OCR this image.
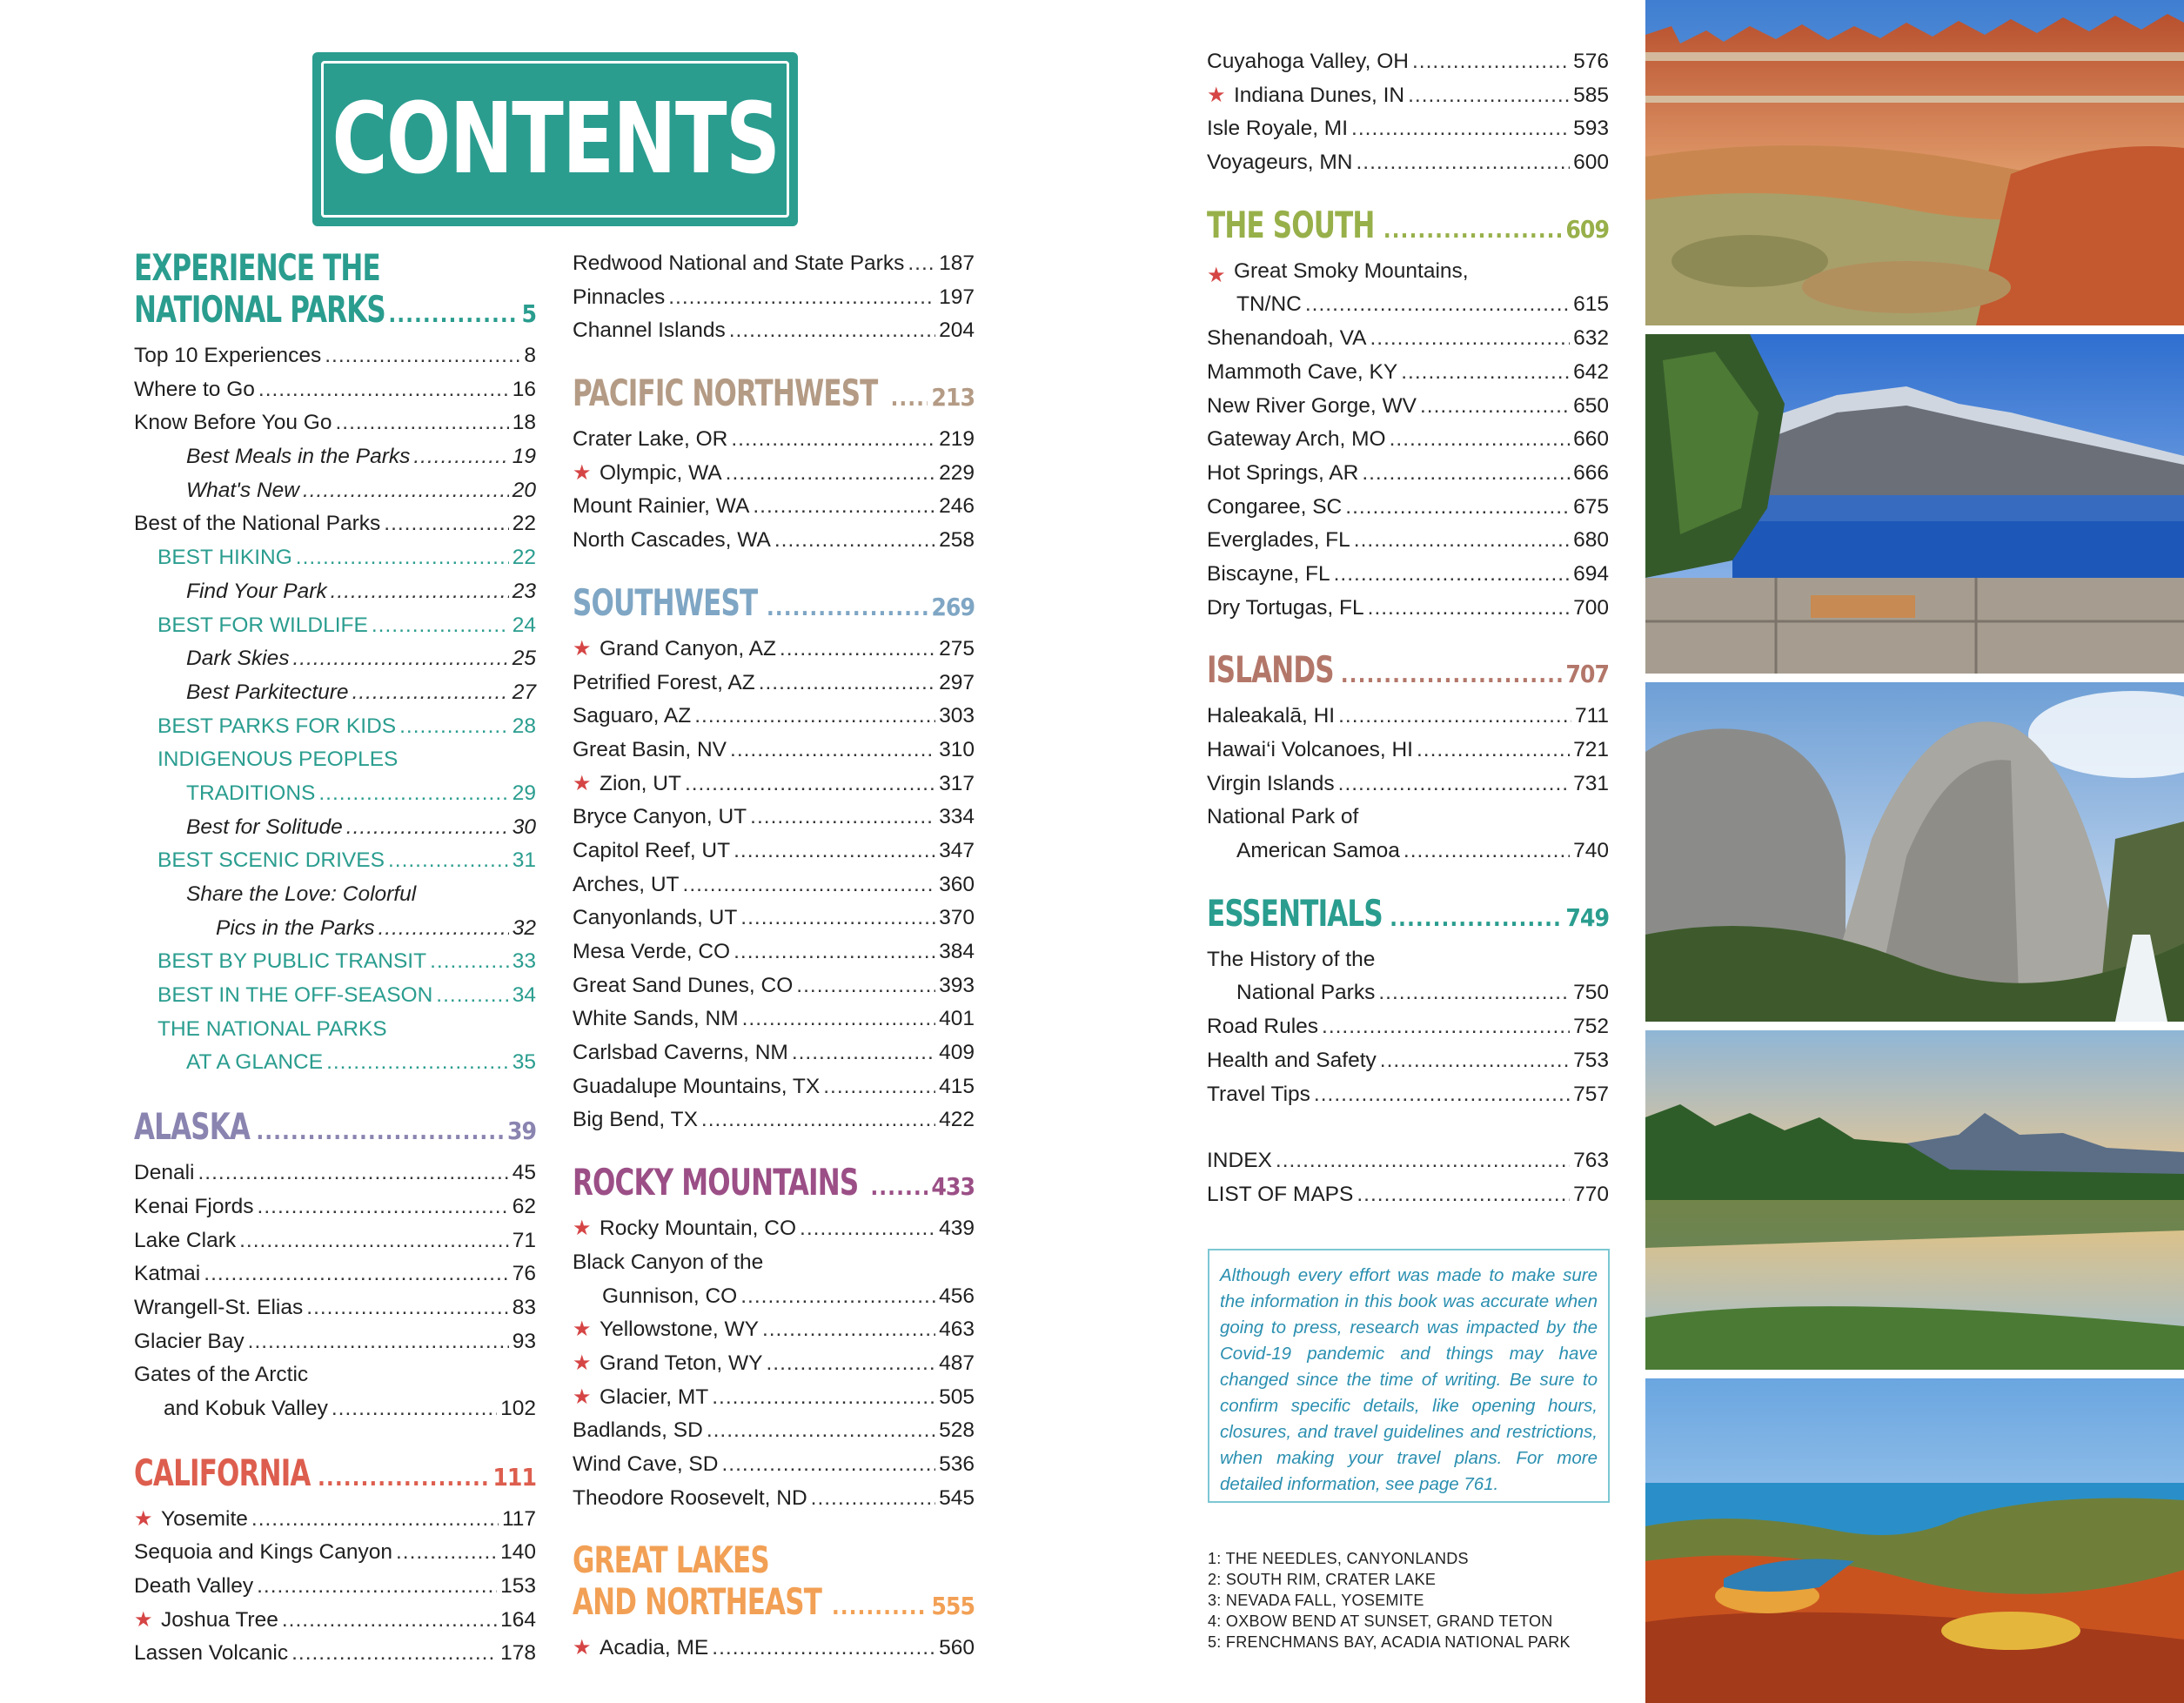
CONTENTS
EXPERIENCE THE
NATIONAL PARKS .....	5
Top 10 Experiences .....	8
Where to Go .....	16
Know Before You Go .....	18
Best Meals in the Parks .....	19
What's New .....	20
Best of the National Parks .....	22
BEST HIKING .....	22
Find Your Park .....	23
BEST FOR WILDLIFE .....	24
Dark Skies .....	25
Best Parkitecture .....	27
BEST PARKS FOR KIDS .....	28
INDIGENOUS PEOPLES
TRADITIONS .....	29
Best for Solitude .....	30
BEST SCENIC DRIVES .....	31
Share the Love: Colorful
Pics in the Parks .....	32
BEST BY PUBLIC TRANSIT .....	33
BEST IN THE OFF-SEASON .....	34
THE NATIONAL PARKS
AT A GLANCE .....	35
ALASKA .....	39
Denali .....	45
Kenai Fjords .....	62
Lake Clark .....	71
Katmai .....	76
Wrangell-St. Elias .....	83
Glacier Bay .....	93
Gates of the Arctic
and Kobuk Valley .....	102
CALIFORNIA .....	111
★ Yosemite .....	117
Sequoia and Kings Canyon .....	140
Death Valley .....	153
★ Joshua Tree .....	164
Lassen Volcanic .....	178
Redwood National and State Parks ..... 187
Pinnacles .....	197
Channel Islands .....	204
PACIFIC NORTHWEST ..... 213
Crater Lake, OR .....	219
★ Olympic, WA .....	229
Mount Rainier, WA .....	246
North Cascades, WA .....	258
SOUTHWEST .....	269
★ Grand Canyon, AZ .....	275
Petrified Forest, AZ .....	297
Saguaro, AZ .....	303
Great Basin, NV .....	310
★ Zion, UT .....	317
Bryce Canyon, UT .....	334
Capitol Reef, UT .....	347
Arches, UT .....	360
Canyonlands, UT .....	370
Mesa Verde, CO .....	384
Great Sand Dunes, CO .....	393
White Sands, NM .....	401
Carlsbad Caverns, NM .....	409
Guadalupe Mountains, TX .....	415
Big Bend, TX .....	422
ROCKY MOUNTAINS .....	433
★ Rocky Mountain, CO .....	439
Black Canyon of the
Gunnison, CO .....	456
★ Yellowstone, WY .....	463
★ Grand Teton, WY .....	487
★ Glacier, MT .....	505
Badlands, SD .....	528
Wind Cave, SD .....	536
Theodore Roosevelt, ND .....	545
GREAT LAKES
AND NORTHEAST .....	555
★ Acadia, ME .....	560
Cuyahoga Valley, OH .....	576
★ Indiana Dunes, IN .....	585
Isle Royale, MI .....	593
Voyageurs, MN .....	600
THE SOUTH .....	609
★ Great Smoky Mountains,
TN/NC .....	615
Shenandoah, VA .....	632
Mammoth Cave, KY .....	642
New River Gorge, WV .....	650
Gateway Arch, MO .....	660
Hot Springs, AR .....	666
Congaree, SC .....	675
Everglades, FL .....	680
Biscayne, FL .....	694
Dry Tortugas, FL .....	700
ISLANDS .....	707
Haleakalā, HI .....	711
Hawai‘i Volcanoes, HI .....	721
Virgin Islands .....	731
National Park of
American Samoa .....	740
ESSENTIALS .....	749
The History of the
National Parks .....	750
Road Rules .....	752
Health and Safety .....	753
Travel Tips .....	757
INDEX .....	763
LIST OF MAPS .....	770
Although every effort was made to make sure the information in this book was accurate when going to press, research was impacted by the Covid-19 pandemic and things may have changed since the time of writing. Be sure to confirm specific details, like opening hours, closures, and travel guidelines and restrictions, when making your travel plans. For more detailed information, see page 761.
1: THE NEEDLES, CANYONLANDS
2: SOUTH RIM, CRATER LAKE
3: NEVADA FALL, YOSEMITE
4: OXBOW BEND AT SUNSET, GRAND TETON
5: FRENCHMANS BAY, ACADIA NATIONAL PARK
